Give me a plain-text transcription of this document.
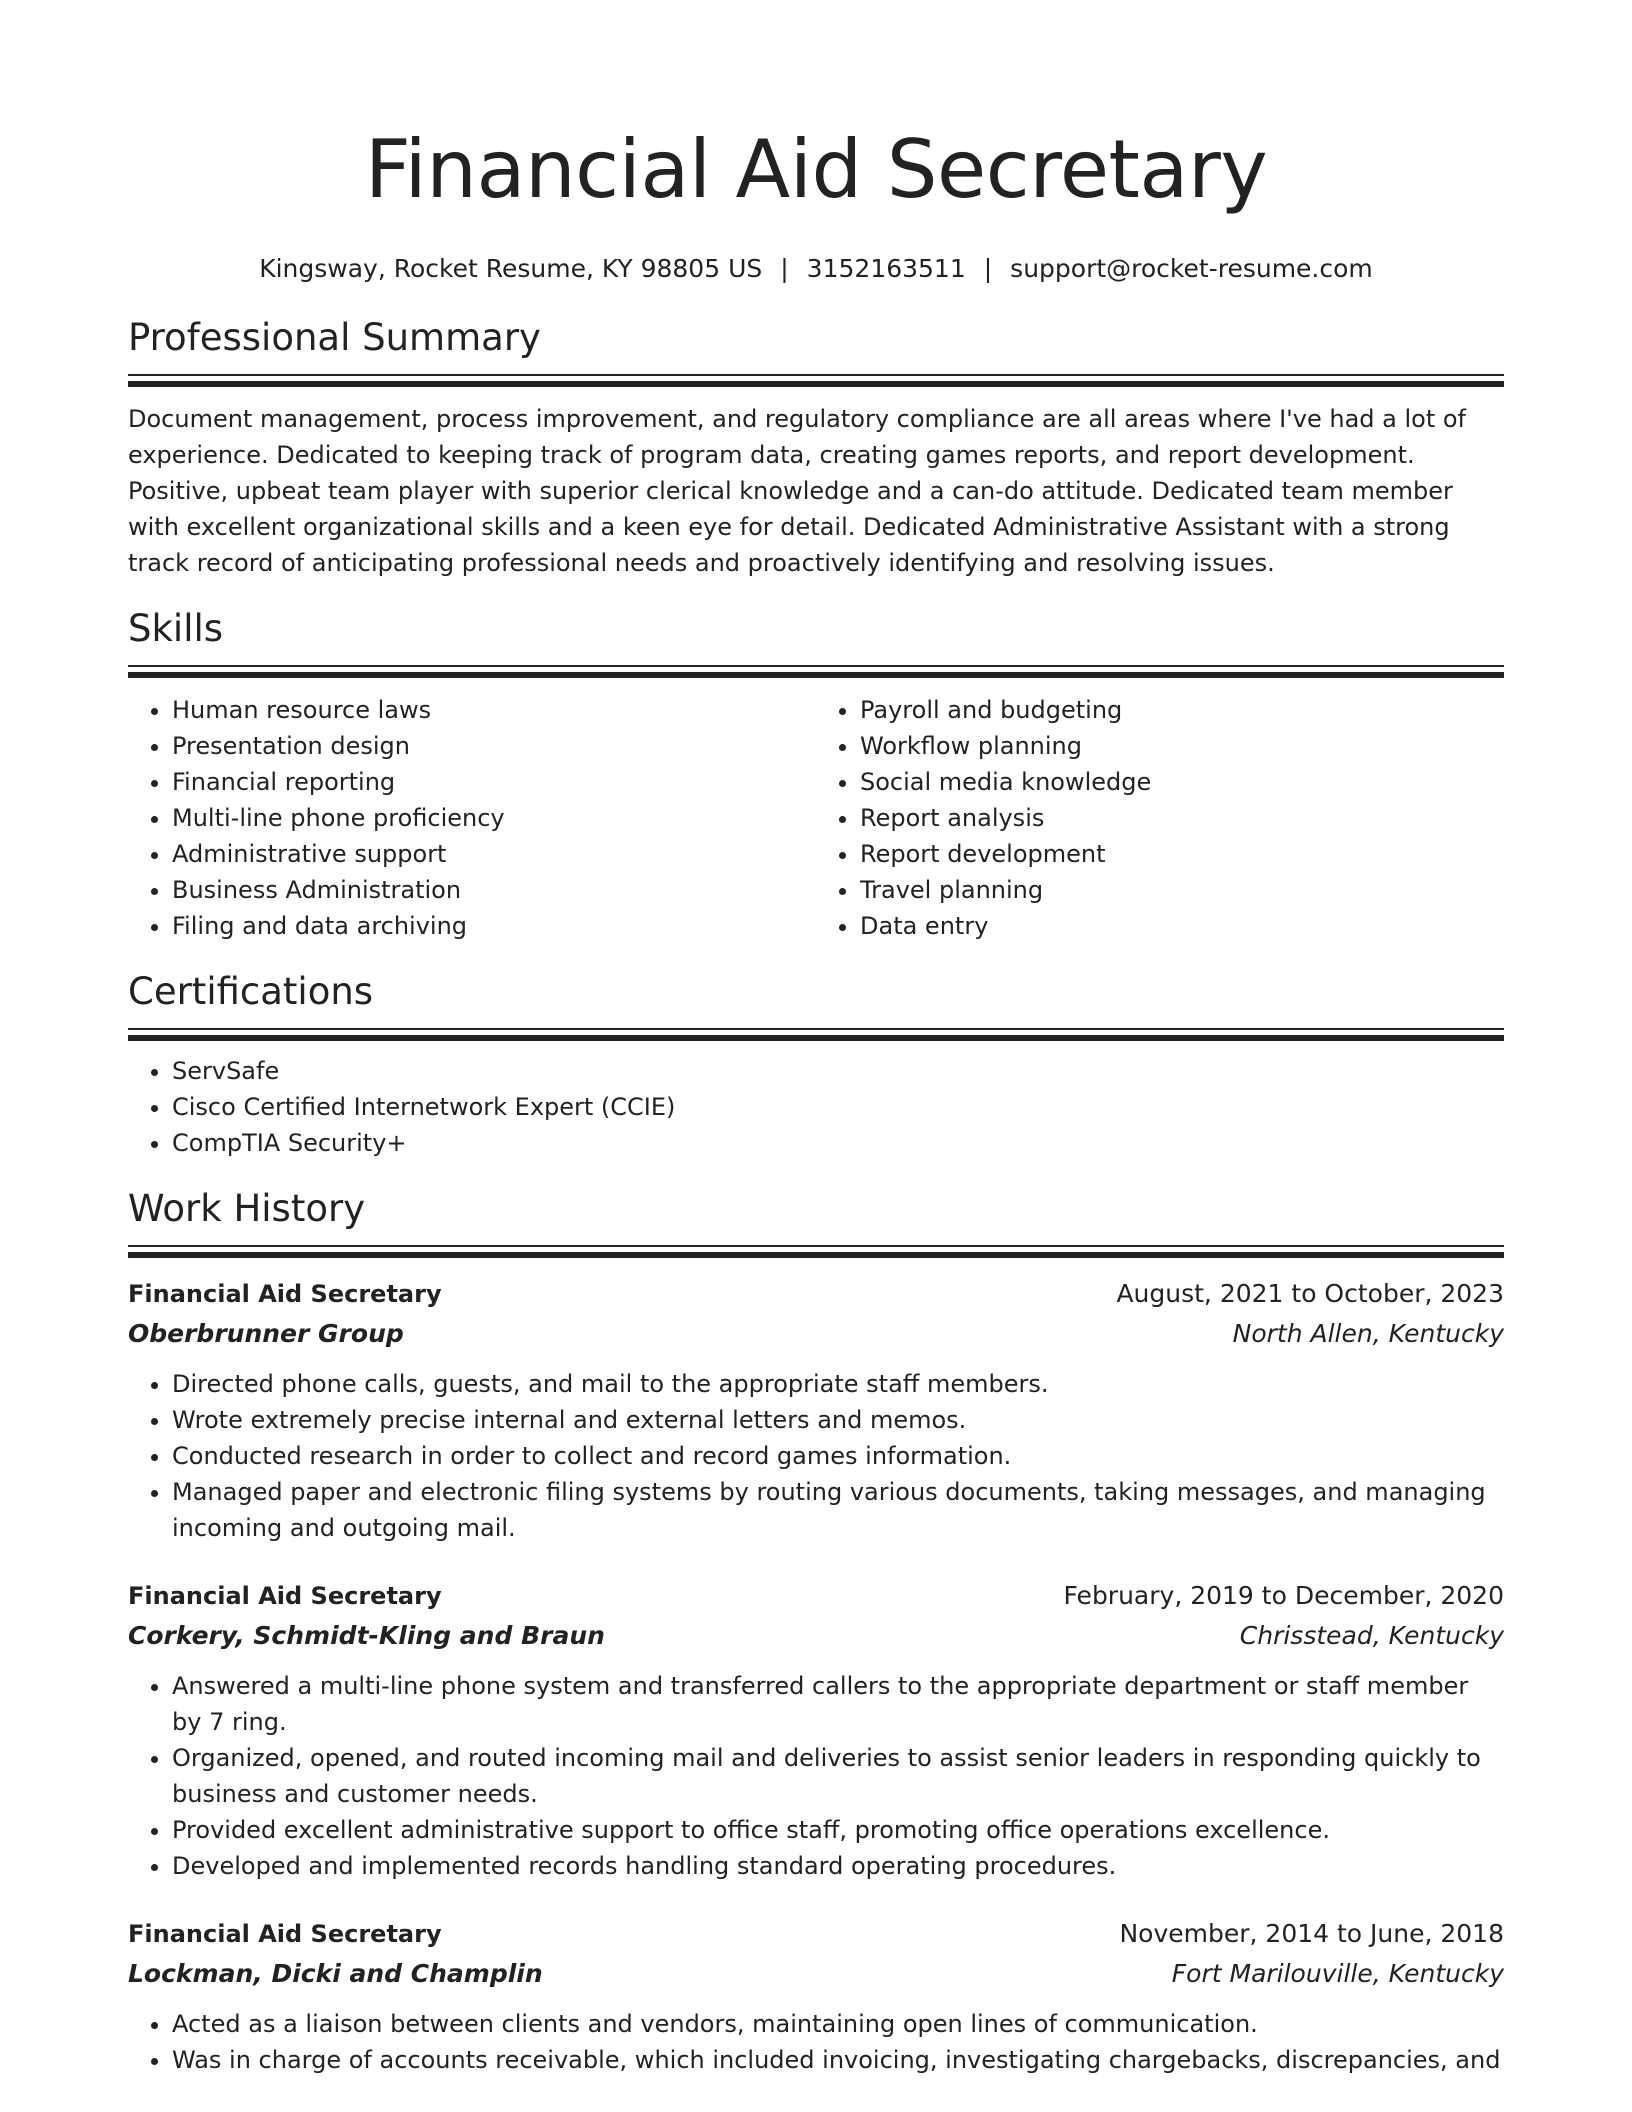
Financial Aid Secretary
Kingsway, Rocket Resume, KY 98805 US | 3152163511 | support@rocket-resume.com
Professional Summary

Document management, process improvement, and regulatory compliance are all areas where I've had a lot of experience. Dedicated to keeping track of program data, creating games reports, and report development. Positive, upbeat team player with superior clerical knowledge and a can-do attitude. Dedicated team member with excellent organizational skills and a keen eye for detail. Dedicated Administrative Assistant with a strong track record of anticipating professional needs and proactively identifying and resolving issues.

Skills
• Human resource laws
• Presentation design
• Financial reporting
• Multi-line phone proficiency
• Administrative support
• Business Administration
• Filing and data archiving
• Payroll and budgeting
• Workflow planning
• Social media knowledge
• Report analysis
• Report development
• Travel planning
• Data entry
Certifications
• ServSafe
• Cisco Certified Internetwork Expert (CCIE)
• CompTIA Security+
Work History
Financial Aid Secretary	August, 2021 to October, 2023
Oberbrunner Group	North Allen, Kentucky
• Directed phone calls, guests, and mail to the appropriate staff members.
• Wrote extremely precise internal and external letters and memos.
• Conducted research in order to collect and record games information.
• Managed paper and electronic filing systems by routing various documents, taking messages, and managing incoming and outgoing mail.
Financial Aid Secretary	February, 2019 to December, 2020
Corkery, Schmidt-Kling and Braun	Chrisstead, Kentucky
• Answered a multi-line phone system and transferred callers to the appropriate department or staff member by 7 ring.
• Organized, opened, and routed incoming mail and deliveries to assist senior leaders in responding quickly to business and customer needs.
• Provided excellent administrative support to office staff, promoting office operations excellence.
• Developed and implemented records handling standard operating procedures.
Financial Aid Secretary	November, 2014 to June, 2018
Lockman, Dicki and Champlin	Fort Marilouville, Kentucky
• Acted as a liaison between clients and vendors, maintaining open lines of communication.
• Was in charge of accounts receivable, which included invoicing, investigating chargebacks, discrepancies, and
